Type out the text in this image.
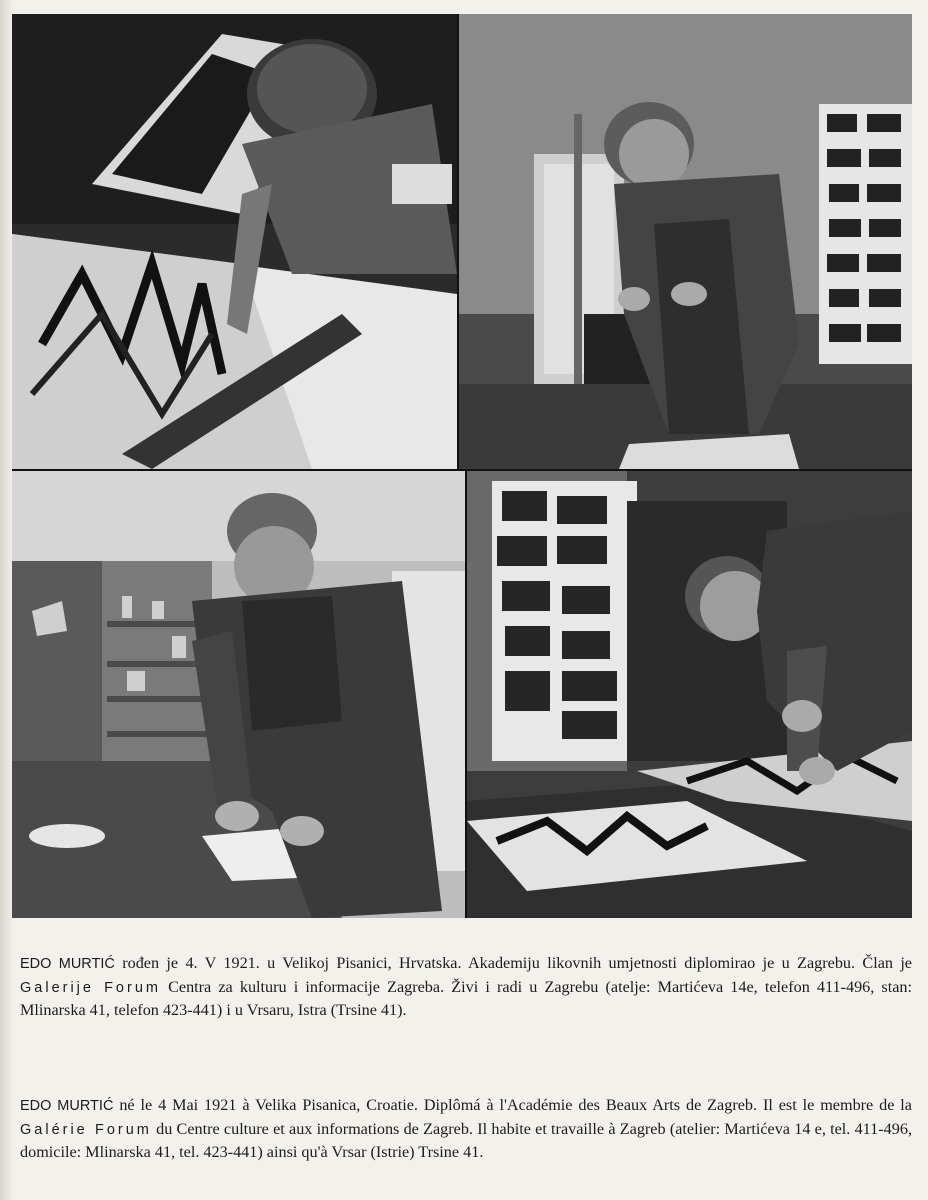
EDO MURTIĆ rođen je 4. V 1921. u Velikoj Pisanici, Hrvatska. Akademiju likovnih umjetnosti diplomirao je u Zagrebu. Član je Galerije Forum Centra za kulturu i informacije Zagreba. Živi i radi u Zagrebu (atelje: Martićeva 14e, telefon 411-496, stan: Mlinarska 41, telefon 423-441) i u Vrsaru, Istra (Trsine 41).

EDO MURTIĆ né le 4 Mai 1921 à Velika Pisanica, Croatie. Diplômá à l'Académie des Beaux Arts de Zagreb. Il est le membre de la Galérie Forum du Centre culture et aux informations de Zagreb. Il habite et travaille à Zagreb (atelier: Martićeva 14 e, tel. 411-496, domicile: Mlinarska 41, tel. 423-441) ainsi qu'à Vrsar (Istrie) Trsine 41.
